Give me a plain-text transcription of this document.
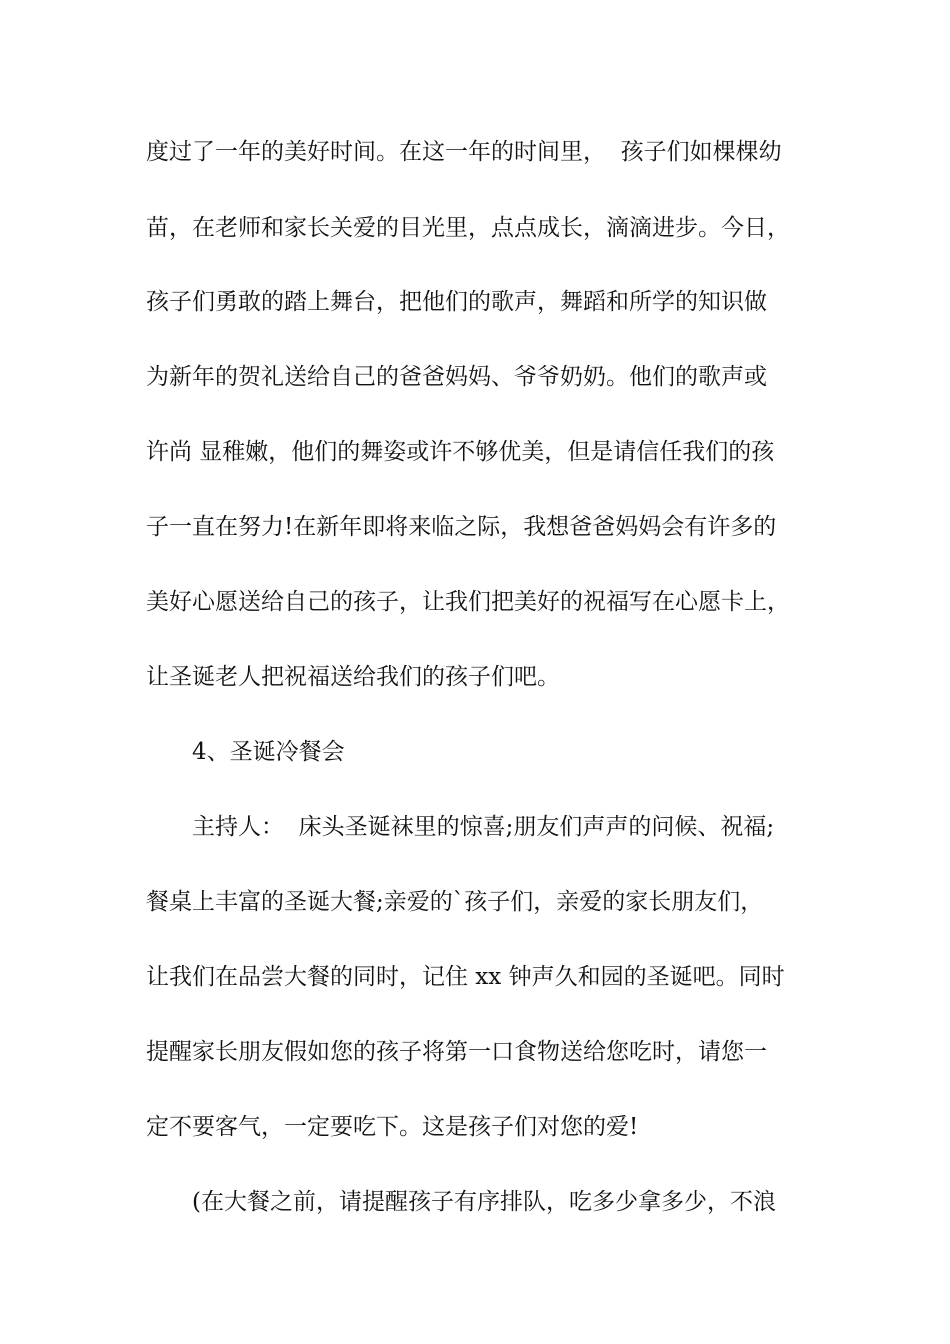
度过了一年的美好时间。在这一年的时间里，  孩子们如棵棵幼
苗，在老师和家长关爱的目光里，点点成长，滴滴进步。今日，
孩子们勇敢的踏上舞台，把他们的歌声，舞蹈和所学的知识做
为新年的贺礼送给自己的爸爸妈妈、爷爷奶奶。他们的歌声或
许尚 显稚嫩，他们的舞姿或许不够优美，但是请信任我们的孩
子一直在努力!在新年即将来临之际，我想爸爸妈妈会有许多的
美好心愿送给自己的孩子，让我们把美好的祝福写在心愿卡上，
让圣诞老人把祝福送给我们的孩子们吧。
4、圣诞冷餐会
主持人：  床头圣诞袜里的惊喜;朋友们声声的问候、祝福;
餐桌上丰富的圣诞大餐;亲爱的`孩子们，亲爱的家长朋友们，
让我们在品尝大餐的同时，记住 xx 钟声久和园的圣诞吧。同时
提醒家长朋友假如您的孩子将第一口食物送给您吃时，请您一
定不要客气，一定要吃下。这是孩子们对您的爱!
(在大餐之前，请提醒孩子有序排队，吃多少拿多少，不浪
